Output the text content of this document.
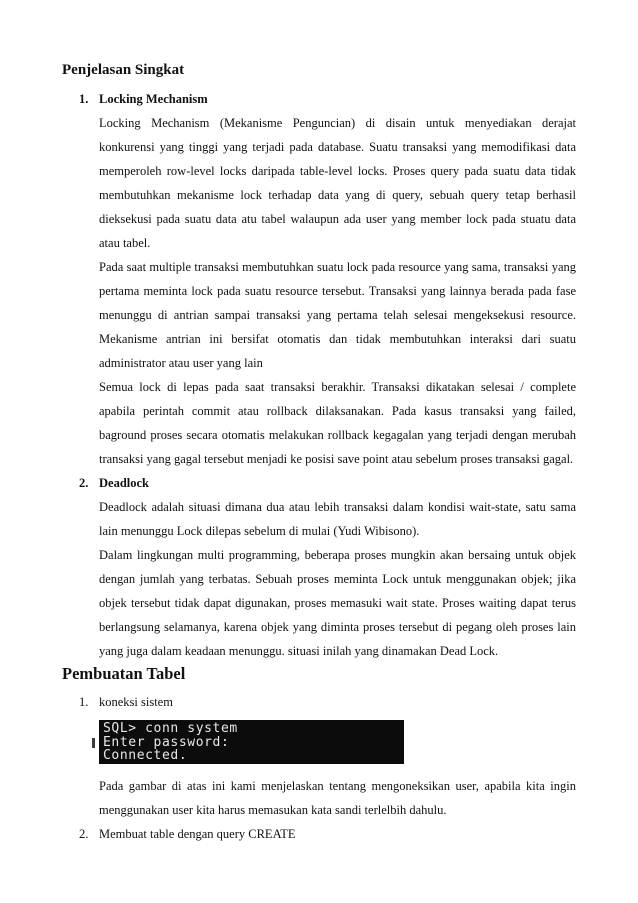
Penjelasan Singkat
1. Locking Mechanism

Locking Mechanism (Mekanisme Penguncian) di disain untuk menyediakan derajat konkurensi yang tinggi yang terjadi pada database. Suatu transaksi yang memodifikasi data memperoleh row-level locks daripada table-level locks. Proses query pada suatu data tidak membutuhkan mekanisme lock terhadap data yang di query, sebuah query tetap berhasil dieksekusi pada suatu data atu tabel walaupun ada user yang member lock pada stuatu data atau tabel.

Pada saat multiple transaksi membutuhkan suatu lock pada resource yang sama, transaksi yang pertama meminta lock pada suatu resource tersebut. Transaksi yang lainnya berada pada fase menunggu di antrian sampai transaksi yang pertama telah selesai mengeksekusi resource. Mekanisme antrian ini bersifat otomatis dan tidak membutuhkan interaksi dari suatu administrator atau user yang lain

Semua lock di lepas pada saat transaksi berakhir. Transaksi dikatakan selesai / complete apabila perintah commit atau rollback dilaksanakan. Pada kasus transaksi yang failed, baground proses secara otomatis melakukan rollback kegagalan yang terjadi dengan merubah transaksi yang gagal tersebut menjadi ke posisi save point atau sebelum proses transaksi gagal.

2. Deadlock

Deadlock adalah situasi dimana dua atau lebih transaksi dalam kondisi wait-state, satu sama lain menunggu Lock dilepas sebelum di mulai (Yudi Wibisono).

Dalam lingkungan multi programming, beberapa proses mungkin akan bersaing untuk objek dengan jumlah yang terbatas. Sebuah proses meminta Lock untuk menggunakan objek; jika objek tersebut tidak dapat digunakan, proses memasuki wait state. Proses waiting dapat terus berlangsung selamanya, karena objek yang diminta proses tersebut di pegang oleh proses lain yang juga dalam keadaan menunggu. situasi inilah yang dinamakan Dead Lock.

Pembuatan Tabel
1. koneksi sistem
SQL> conn system
Enter password:
Connected.

Pada gambar di atas ini kami menjelaskan tentang mengoneksikan user, apabila kita ingin menggunakan user kita harus memasukan kata sandi terlelbih dahulu.

2. Membuat table dengan query CREATE
